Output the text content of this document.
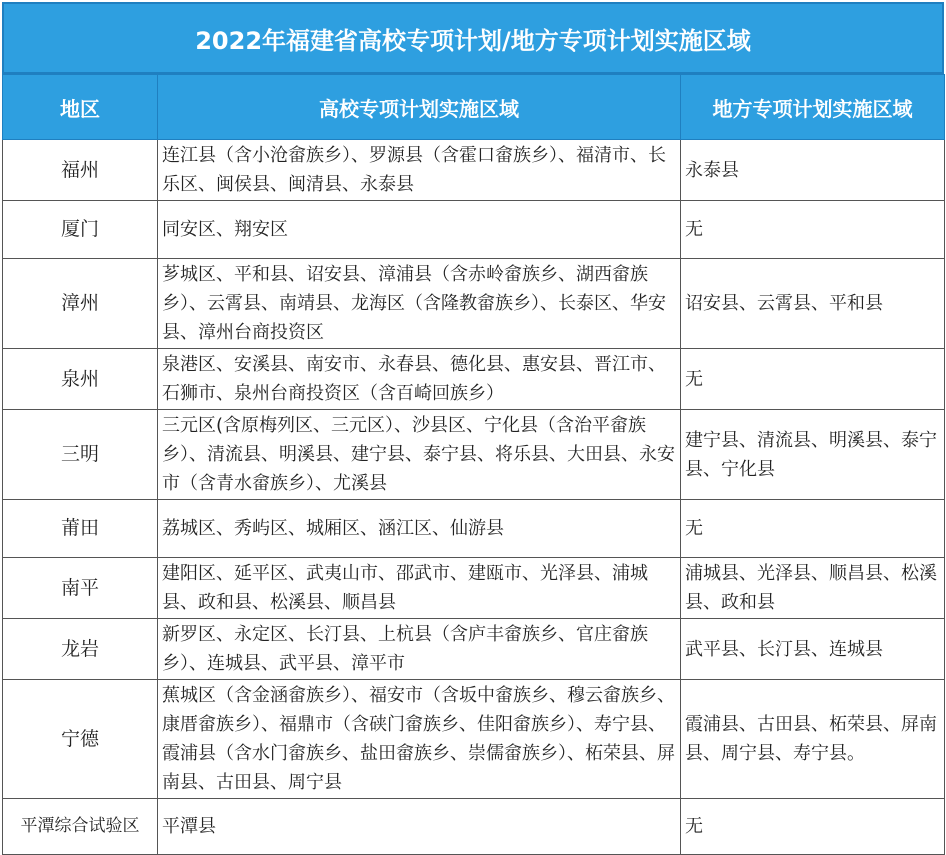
2022年福建省高校专项计划/地方专项计划实施区域
地区	高校专项计划实施区域	地方专项计划实施区域
福州	连江县（含小沧畲族乡）、罗源县（含霍口畲族乡）、福清市、长乐区、闽侯县、闽清县、永泰县	永泰县
厦门	同安区、翔安区	无
漳州	芗城区、平和县、诏安县、漳浦县（含赤岭畲族乡、湖西畲族乡）、云霄县、南靖县、龙海区（含隆教畲族乡）、长泰区、华安县、漳州台商投资区	诏安县、云霄县、平和县
泉州	泉港区、安溪县、南安市、永春县、德化县、惠安县、晋江市、石狮市、泉州台商投资区（含百崎回族乡）	无
三明	三元区(含原梅列区、三元区）、沙县区、宁化县（含治平畲族乡）、清流县、明溪县、建宁县、泰宁县、将乐县、大田县、永安市（含青水畲族乡）、尤溪县	建宁县、清流县、明溪县、泰宁县、宁化县
莆田	荔城区、秀屿区、城厢区、涵江区、仙游县	无
南平	建阳区、延平区、武夷山市、邵武市、建瓯市、光泽县、浦城县、政和县、松溪县、顺昌县	浦城县、光泽县、顺昌县、松溪县、政和县
龙岩	新罗区、永定区、长汀县、上杭县（含庐丰畲族乡、官庄畲族乡）、连城县、武平县、漳平市	武平县、长汀县、连城县
宁德	蕉城区（含金涵畲族乡）、福安市（含坂中畲族乡、穆云畲族乡、康厝畲族乡）、福鼎市（含硖门畲族乡、佳阳畲族乡）、寿宁县、霞浦县（含水门畲族乡、盐田畲族乡、崇儒畲族乡）、柘荣县、屏南县、古田县、周宁县	霞浦县、古田县、柘荣县、屏南县、周宁县、寿宁县。
平潭综合试验区	平潭县	无
